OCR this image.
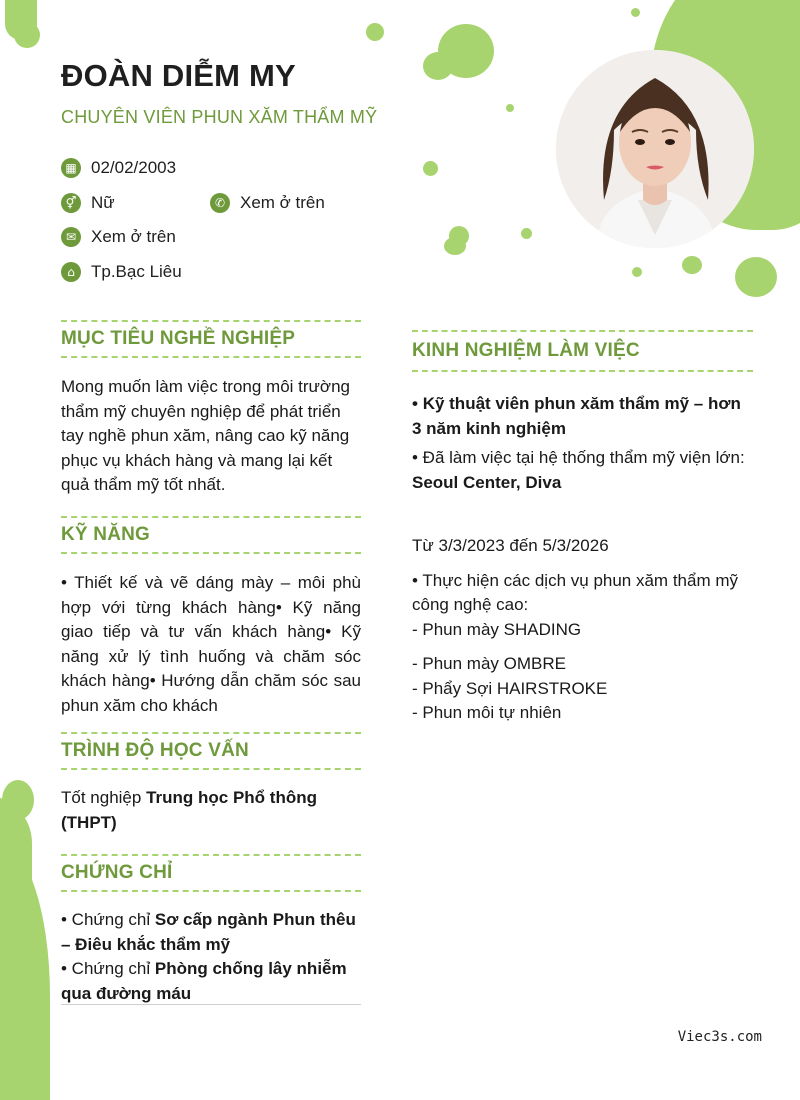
ĐOÀN DIỄM MY

CHUYÊN VIÊN PHUN XĂM THẨM MỸ

▦ 02/02/2003
⚥ Nữ	✆ Xem ở trên
✉ Xem ở trên
⌂ Tp.Bạc Liêu
MỤC TIÊU NGHỀ NGHIỆP

Mong muốn làm việc trong môi trường thẩm mỹ chuyên nghiệp để phát triển tay nghề phun xăm, nâng cao kỹ năng phục vụ khách hàng và mang lại kết quả thẩm mỹ tốt nhất.

KỸ NĂNG

• Thiết kế và vẽ dáng mày – môi phù hợp với từng khách hàng• Kỹ năng giao tiếp và tư vấn khách hàng• Kỹ năng xử lý tình huống và chăm sóc khách hàng• Hướng dẫn chăm sóc sau phun xăm cho khách

TRÌNH ĐỘ HỌC VẤN

Tốt nghiệp Trung học Phổ thông (THPT)

CHỨNG CHỈ

• Chứng chỉ Sơ cấp ngành Phun thêu – Điêu khắc thẩm mỹ

• Chứng chỉ Phòng chống lây nhiễm qua đường máu

KINH NGHIỆM LÀM VIỆC

• Kỹ thuật viên phun xăm thẩm mỹ – hơn 3 năm kinh nghiệm

• Đã làm việc tại hệ thống thẩm mỹ viện lớn: Seoul Center, Diva

Từ 3/3/2023 đến 5/3/2026

• Thực hiện các dịch vụ phun xăm thẩm mỹ công nghệ cao:

- Phun mày SHADING

- Phun mày OMBRE

- Phẩy Sợi HAIRSTROKE

- Phun môi tự nhiên

Viec3s.com
